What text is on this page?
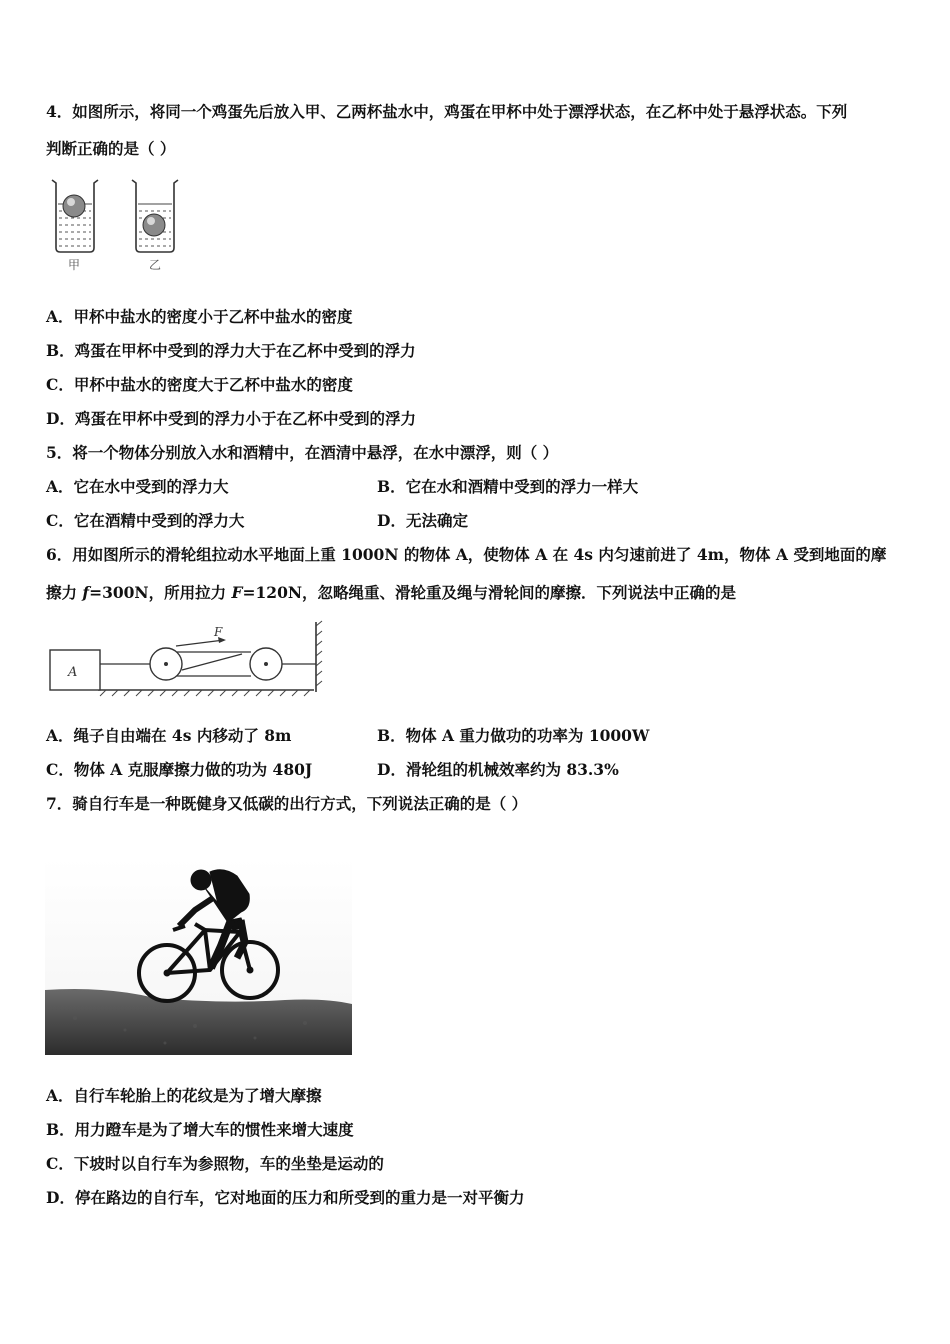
4．如图所示，将同一个鸡蛋先后放入甲、乙两杯盐水中，鸡蛋在甲杯中处于漂浮状态，在乙杯中处于悬浮状态。下列
判断正确的是（ ）
甲	乙
A．甲杯中盐水的密度小于乙杯中盐水的密度
B．鸡蛋在甲杯中受到的浮力大于在乙杯中受到的浮力
C．甲杯中盐水的密度大于乙杯中盐水的密度
D．鸡蛋在甲杯中受到的浮力小于在乙杯中受到的浮力
5．将一个物体分别放入水和酒精中，在酒清中悬浮，在水中漂浮，则（ ）
A．它在水中受到的浮力大	B．它在水和酒精中受到的浮力一样大
C．它在酒精中受到的浮力大	D．无法确定
6．用如图所示的滑轮组拉动水平地面上重 1000N 的物体 A，使物体 A 在 4s 内匀速前进了 4m，物体 A 受到地面的摩
擦力 f=300N，所用拉力 F=120N，忽略绳重、滑轮重及绳与滑轮间的摩擦．下列说法中正确的是
A
F
A．绳子自由端在 4s 内移动了 8m	B．物体 A 重力做功的功率为 1000W
C．物体 A 克服摩擦力做的功为 480J	D．滑轮组的机械效率约为 83.3%
7．骑自行车是一种既健身又低碳的出行方式，下列说法正确的是（ ）
A．自行车轮胎上的花纹是为了增大摩擦
B．用力蹬车是为了增大车的惯性来增大速度
C．下坡时以自行车为参照物，车的坐垫是运动的
D．停在路边的自行车，它对地面的压力和所受到的重力是一对平衡力
